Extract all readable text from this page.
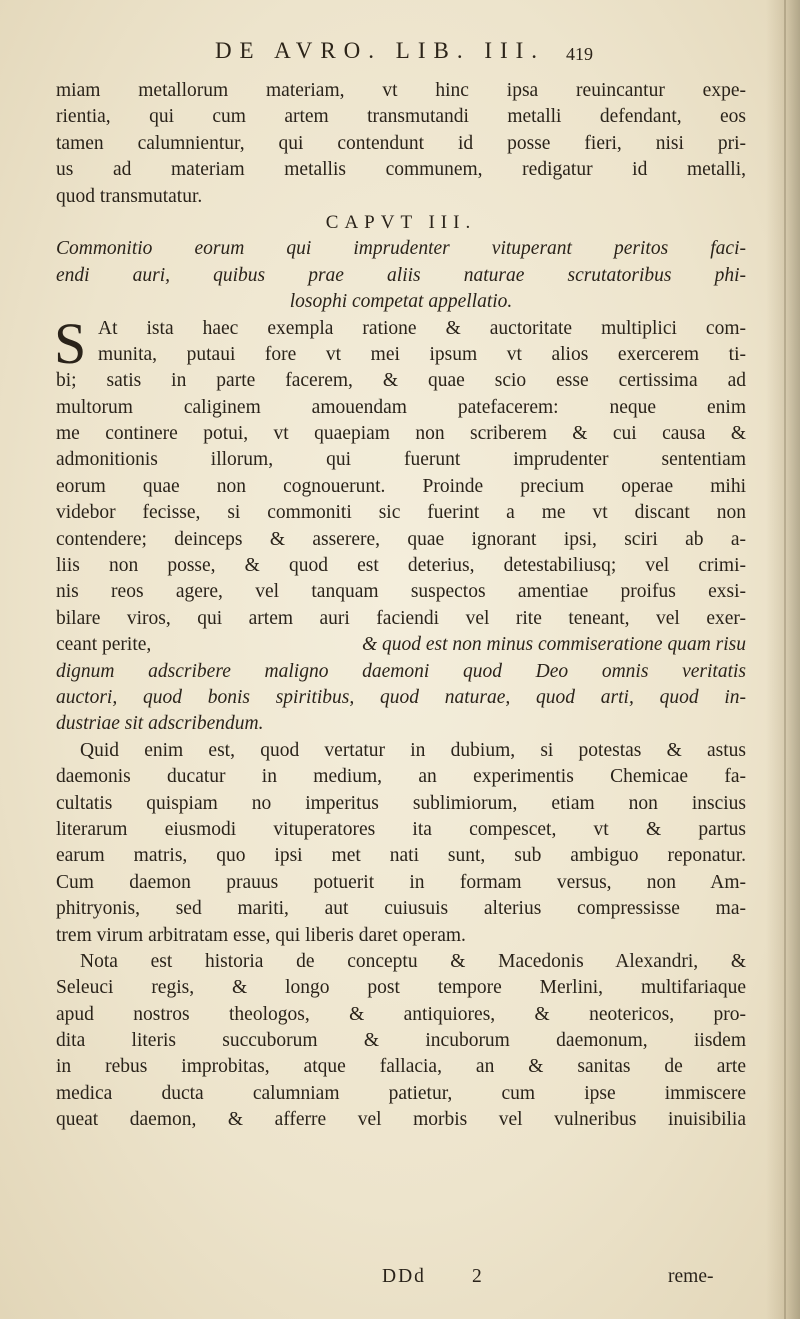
DE AVRO. LIB. III.	419
miam metallorum materiam, vt hinc ipsa reuincantur expe-
rientia, qui cum artem transmutandi metalli defendant, eos
tamen calumnientur, qui contendunt id posse fieri, nisi pri-
us ad materiam metallis communem, redigatur id metalli,
quod transmutatur.
CAPVT III.
Commonitio eorum qui imprudenter vituperant peritos faci-
endi auri, quibus prae aliis naturae scrutatoribus phi-
losophi competat appellatio.
S At ista haec exempla ratione & auctoritate multiplici com-
munita, putaui fore vt mei ipsum vt alios exercerem ti-
bi; satis in parte facerem, & quae scio esse certissima ad
multorum caliginem amouendam patefacerem: neque enim
me continere potui, vt quaepiam non scriberem & cui causa &
admonitionis illorum, qui fuerunt imprudenter sententiam
eorum quae non cognouerunt. Proinde precium operae mihi
videbor fecisse, si commoniti sic fuerint a me vt discant non
contendere; deinceps & asserere, quae ignorant ipsi, sciri ab a-
liis non posse, & quod est deterius, detestabiliusq; vel crimi-
nis reos agere, vel tanquam suspectos amentiae proifus exsi-
bilare viros, qui artem auri faciendi vel rite teneant, vel exer-
ceant perite,	& quod est non minus commiseratione quam risu
dignum adscribere maligno daemoni quod Deo omnis veritatis
auctori, quod bonis spiritibus, quod naturae, quod arti, quod in-
dustriae sit adscribendum.
Quid enim est, quod vertatur in dubium, si potestas & astus
daemonis ducatur in medium, an experimentis Chemicae fa-
cultatis quispiam no imperitus sublimiorum, etiam non inscius
literarum eiusmodi vituperatores ita compescet, vt & partus
earum matris, quo ipsi met nati sunt, sub ambiguo reponatur.
Cum daemon prauus potuerit in formam versus, non Am-
phitryonis, sed mariti, aut cuiusuis alterius compressisse ma-
trem virum arbitratam esse, qui liberis daret operam.
Nota est historia de conceptu & Macedonis Alexandri, &
Seleuci regis, & longo post tempore Merlini, multifariaque
apud nostros theologos, & antiquiores, & neotericos, pro-
dita literis succuborum & incuborum daemonum, iisdem
in rebus improbitas, atque fallacia, an & sanitas de arte
medica ducta calumniam patietur, cum ipse immiscere
queat daemon, & afferre vel morbis vel vulneribus inuisibilia
DDd 2	reme-
